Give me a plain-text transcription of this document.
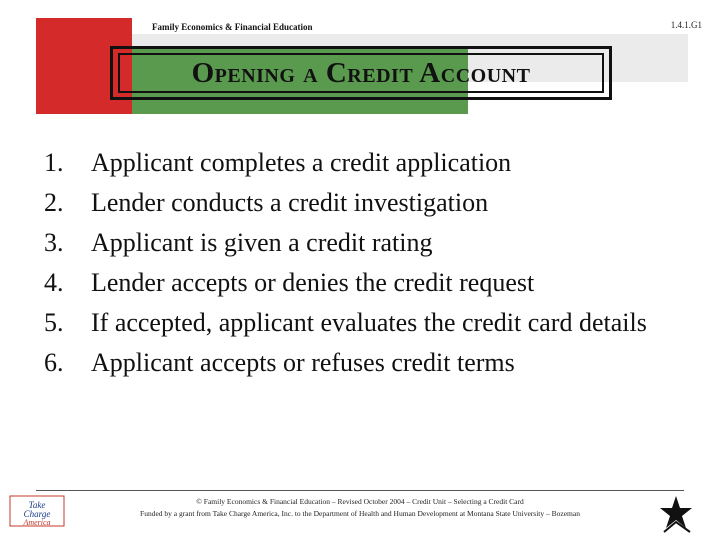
Family Economics & Financial Education	1.4.1.G1
Opening a Credit Account
1.	Applicant completes a credit application
2.	Lender conducts a credit investigation
3.	Applicant is given a credit rating
4.	Lender accepts or denies the credit request
5.	If accepted, applicant evaluates the credit card details
6.	Applicant accepts or refuses credit terms
Take
Charge
America
© Family Economics & Financial Education – Revised October 2004 – Credit Unit – Selecting a Credit Card
Funded by a grant from Take Charge America, Inc. to the Department of Health and Human Development at Montana State University – Bozeman
